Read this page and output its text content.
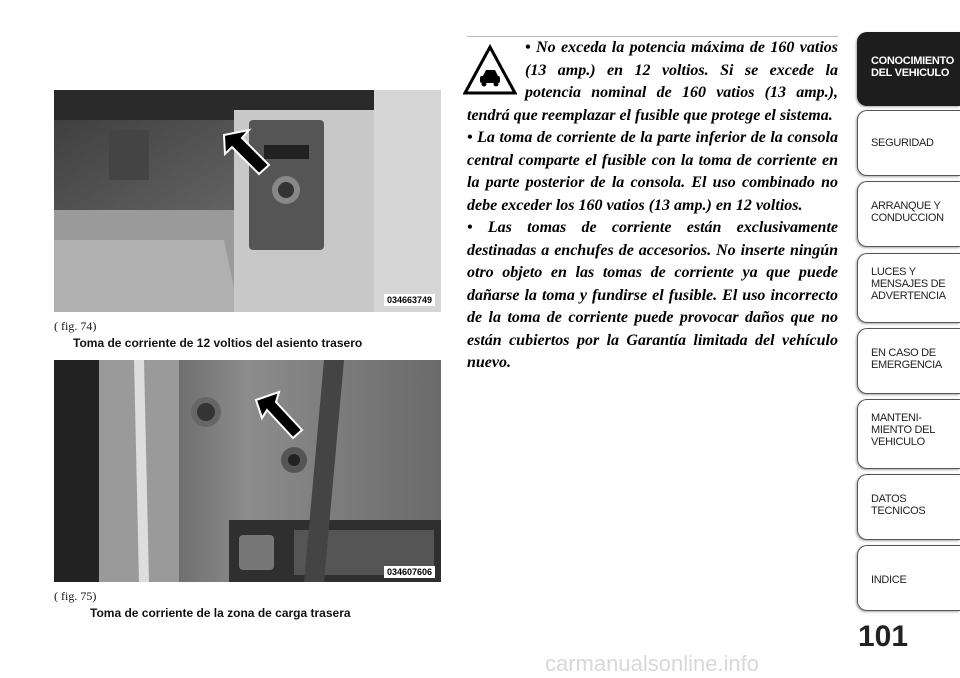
034663749
( fig. 74)
Toma de corriente de 12 voltios del asiento trasero
034607606
( fig. 75)
Toma de corriente de la zona de carga trasera

• No exceda la potencia máxima de 160 vatios (13 amp.) en 12 voltios. Si se excede la potencia nominal de 160 vatios (13 amp.), tendrá que reemplazar el fusible que protege el sistema.

• La toma de corriente de la parte inferior de la consola central comparte el fusible con la toma de corriente en la parte posterior de la consola. El uso combinado no debe exceder los 160 vatios (13 amp.) en 12 voltios.

• Las tomas de corriente están exclusivamente destinadas a enchufes de accesorios. No inserte ningún otro objeto en las tomas de corriente ya que puede dañarse la toma y fundirse el fusible. El uso incorrecto de la toma de corriente puede provocar daños que no están cubiertos por la Garantía limitada del vehículo nuevo.

CONOCIMIENTO
DEL VEHICULO
SEGURIDAD
ARRANQUE Y
CONDUCCION
LUCES Y
MENSAJES DE
ADVERTENCIA
EN CASO DE
EMERGENCIA
MANTENI-
MIENTO DEL
VEHICULO
DATOS
TECNICOS
INDICE
101
carmanualsonline.info
